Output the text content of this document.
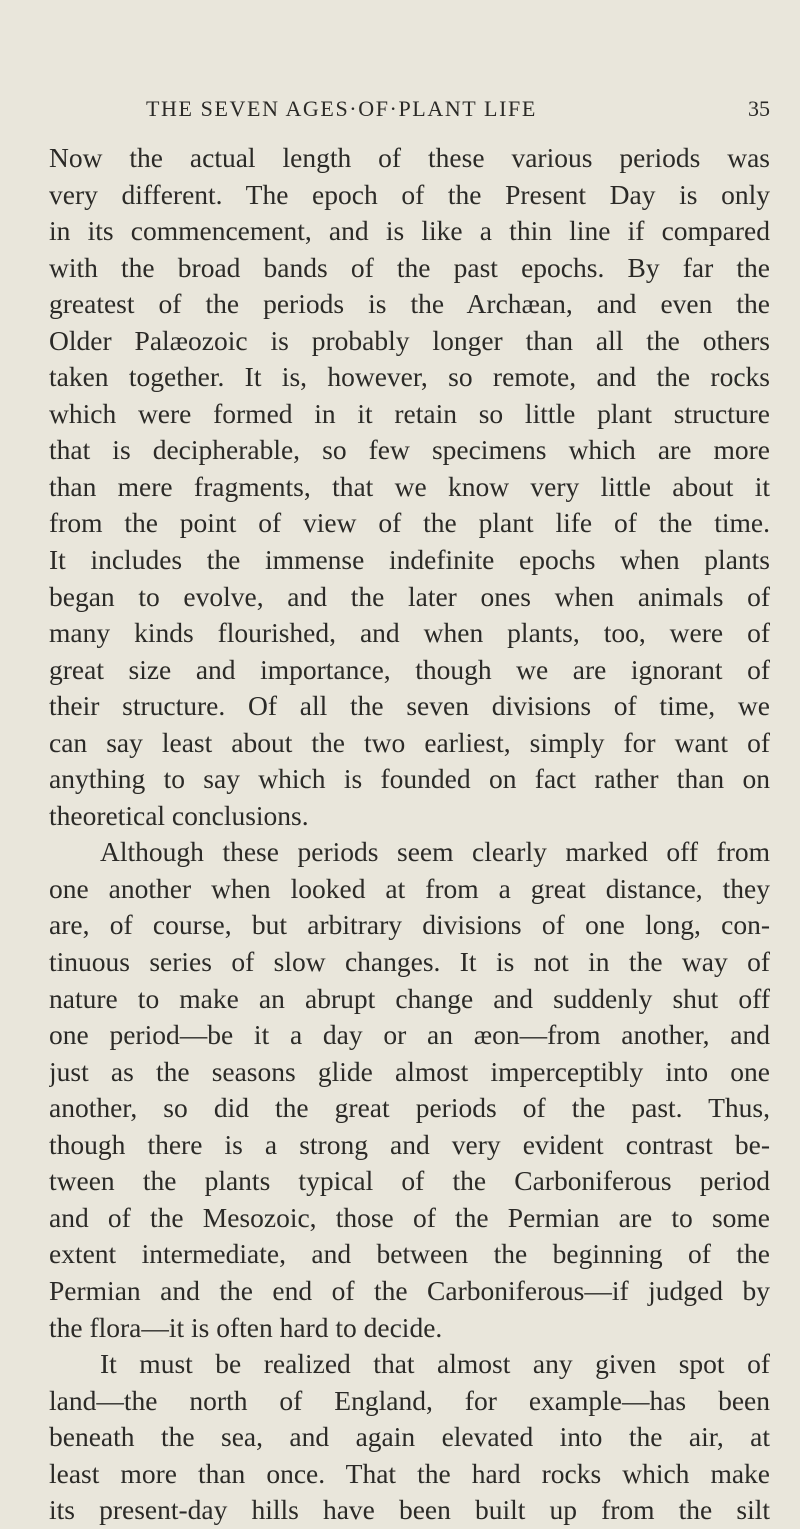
THE SEVEN AGES·OF·PLANT LIFE	35
Now the actual length of these various periods was
very different. The epoch of the Present Day is only
in its commencement, and is like a thin line if compared
with the broad bands of the past epochs. By far the
greatest of the periods is the Archæan, and even the
Older Palæozoic is probably longer than all the others
taken together. It is, however, so remote, and the rocks
which were formed in it retain so little plant structure
that is decipherable, so few specimens which are more
than mere fragments, that we know very little about it
from the point of view of the plant life of the time.
It includes the immense indefinite epochs when plants
began to evolve, and the later ones when animals of
many kinds flourished, and when plants, too, were of
great size and importance, though we are ignorant of
their structure. Of all the seven divisions of time, we
can say least about the two earliest, simply for want of
anything to say which is founded on fact rather than on
theoretical conclusions.
Although these periods seem clearly marked off from
one another when looked at from a great distance, they
are, of course, but arbitrary divisions of one long, con-
tinuous series of slow changes. It is not in the way of
nature to make an abrupt change and suddenly shut off
one period—be it a day or an æon—from another, and
just as the seasons glide almost imperceptibly into one
another, so did the great periods of the past. Thus,
though there is a strong and very evident contrast be-
tween the plants typical of the Carboniferous period
and of the Mesozoic, those of the Permian are to some
extent intermediate, and between the beginning of the
Permian and the end of the Carboniferous—if judged by
the flora—it is often hard to decide.
It must be realized that almost any given spot of
land—the north of England, for example—has been
beneath the sea, and again elevated into the air, at
least more than once. That the hard rocks which make
its present-day hills have been built up from the silt
